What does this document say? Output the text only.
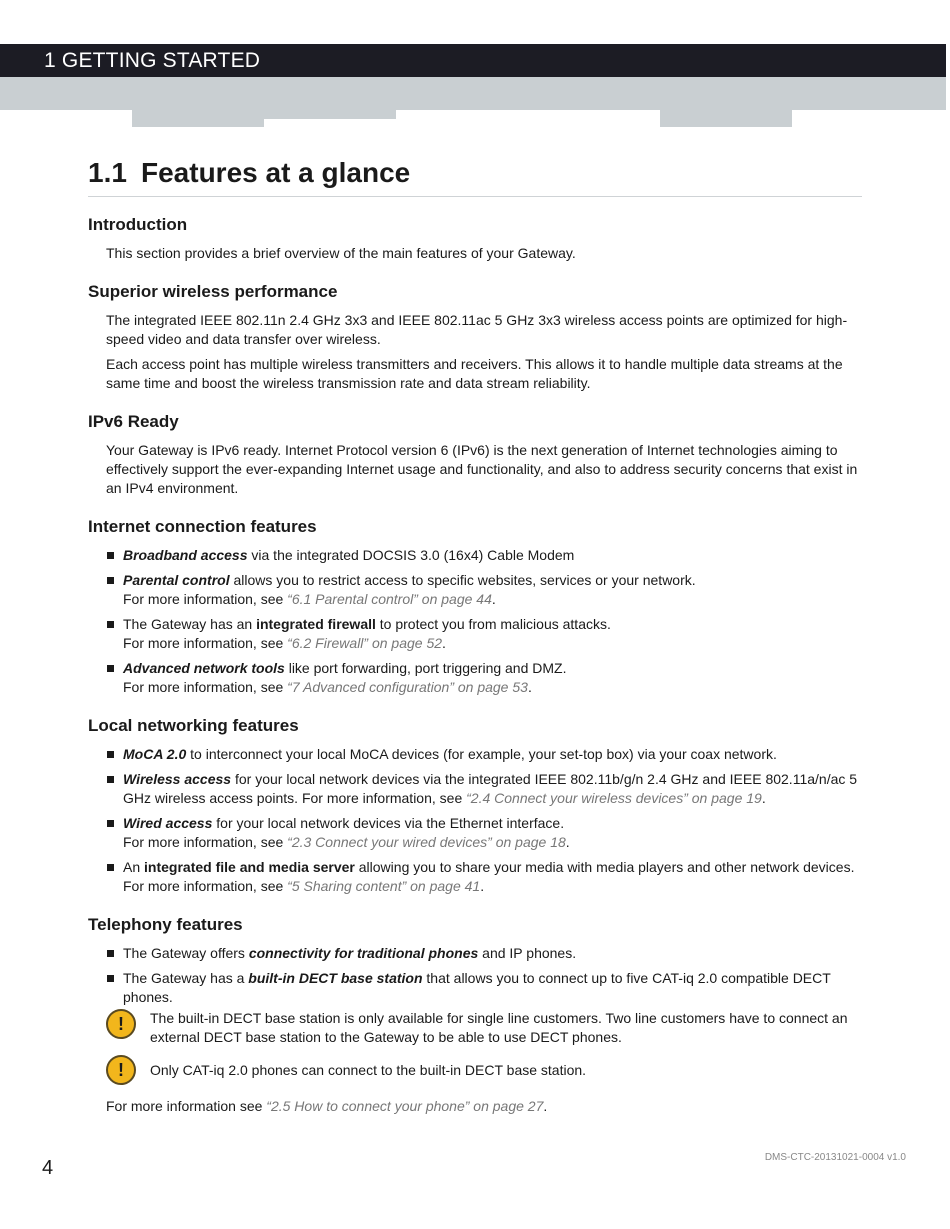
1 GETTING STARTED
1.1 Features at a glance
Introduction

This section provides a brief overview of the main features of your Gateway.

Superior wireless performance

The integrated IEEE 802.11n 2.4 GHz 3x3 and IEEE 802.11ac 5 GHz 3x3 wireless access points are optimized for high-speed video and data transfer over wireless.

Each access point has multiple wireless transmitters and receivers. This allows it to handle multiple data streams at the same time and boost the wireless transmission rate and data stream reliability.

IPv6 Ready

Your Gateway is IPv6 ready. Internet Protocol version 6 (IPv6) is the next generation of Internet technologies aiming to effectively support the ever-expanding Internet usage and functionality, and also to address security concerns that exist in an IPv4 environment.

Internet connection features
Broadband access via the integrated DOCSIS 3.0 (16x4) Cable Modem
Parental control allows you to restrict access to specific websites, services or your network.
For more information, see “6.1 Parental control” on page 44.
The Gateway has an integrated firewall to protect you from malicious attacks.
For more information, see “6.2 Firewall” on page 52.
Advanced network tools like port forwarding, port triggering and DMZ.
For more information, see “7 Advanced configuration” on page 53.
Local networking features
MoCA 2.0 to interconnect your local MoCA devices (for example, your set-top box) via your coax network.
Wireless access for your local network devices via the integrated IEEE 802.11b/g/n 2.4 GHz and IEEE 802.11a/n/ac 5 GHz wireless access points. For more information, see “2.4 Connect your wireless devices” on page 19.
Wired access for your local network devices via the Ethernet interface.
For more information, see “2.3 Connect your wired devices” on page 18.
An integrated file and media server allowing you to share your media with media players and other network devices. For more information, see “5 Sharing content” on page 41.
Telephony features
The Gateway offers connectivity for traditional phones and IP phones.
The Gateway has a built-in DECT base station that allows you to connect up to five CAT-iq 2.0 compatible DECT phones.
!	The built-in DECT base station is only available for single line customers. Two line customers have to connect an external DECT base station to the Gateway to be able to use DECT phones.
!	Only CAT-iq 2.0 phones can connect to the built-in DECT base station.

For more information see “2.5 How to connect your phone” on page 27.

4	DMS-CTC-20131021-0004 v1.0
